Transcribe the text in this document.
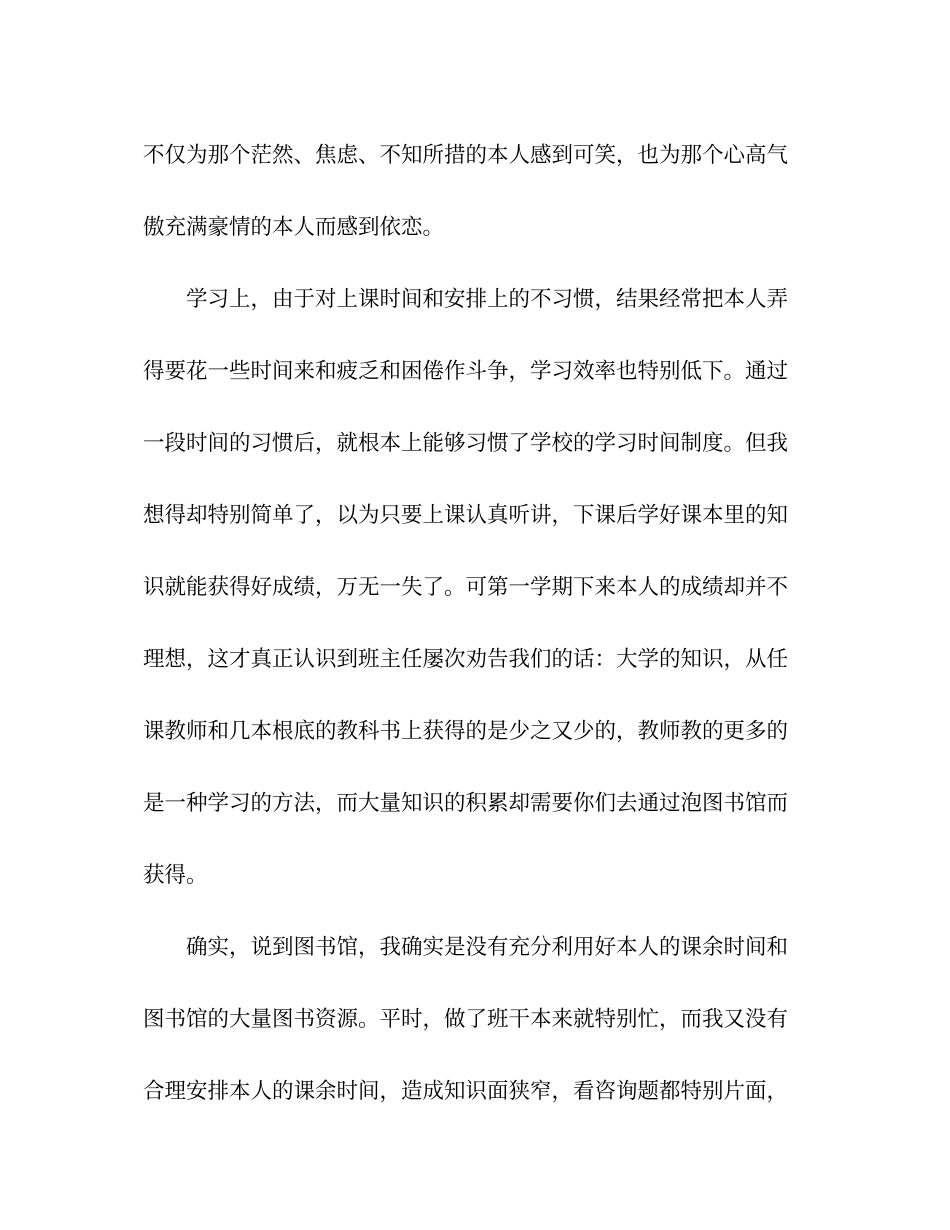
不仅为那个茫然、焦虑、不知所措的本人感到可笑，也为那个心高气
傲充满豪情的本人而感到依恋。
学习上，由于对上课时间和安排上的不习惯，结果经常把本人弄
得要花一些时间来和疲乏和困倦作斗争，学习效率也特别低下。通过
一段时间的习惯后，就根本上能够习惯了学校的学习时间制度。但我
想得却特别简单了，以为只要上课认真听讲，下课后学好课本里的知
识就能获得好成绩，万无一失了。可第一学期下来本人的成绩却并不
理想，这才真正认识到班主任屡次劝告我们的话：大学的知识，从任
课教师和几本根底的教科书上获得的是少之又少的，教师教的更多的
是一种学习的方法，而大量知识的积累却需要你们去通过泡图书馆而
获得。
确实，说到图书馆，我确实是没有充分利用好本人的课余时间和
图书馆的大量图书资源。平时，做了班干本来就特别忙，而我又没有
合理安排本人的课余时间，造成知识面狭窄，看咨询题都特别片面，
